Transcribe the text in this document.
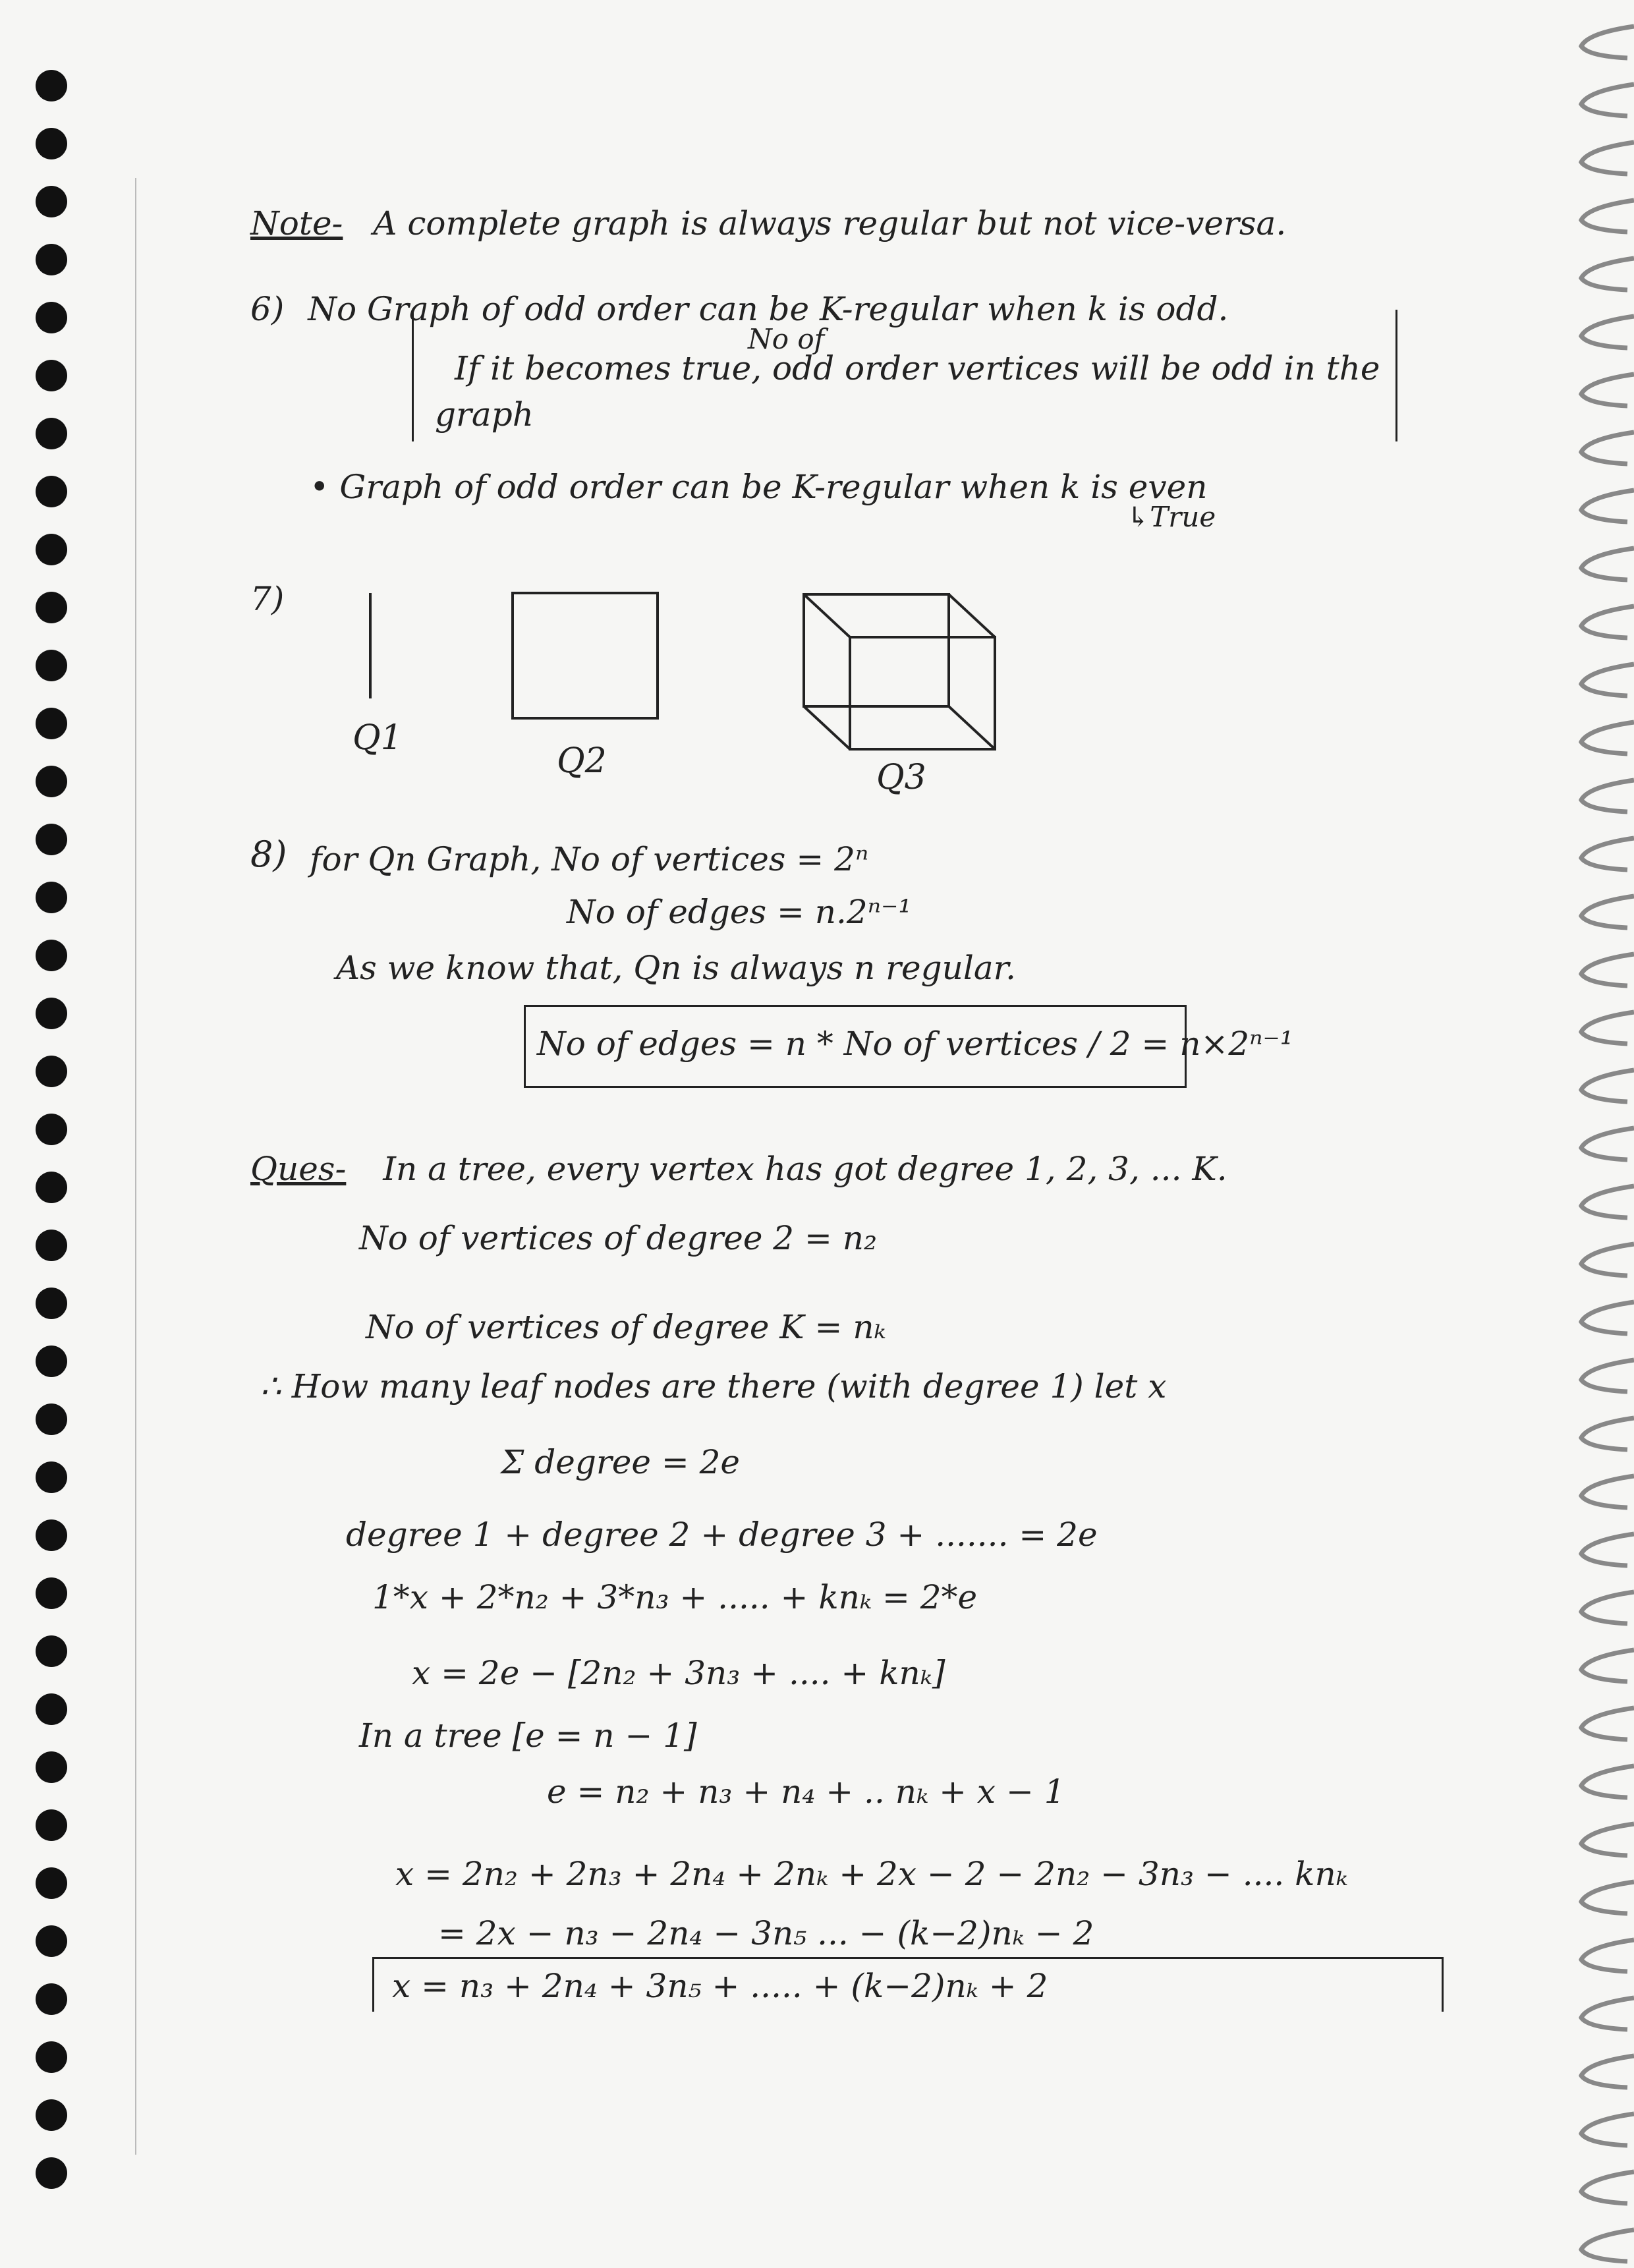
Note- A complete graph is always regular but not vice-versa.
6) No Graph of odd order can be K-regular when k is odd.
No of
If it becomes true, odd order vertices will be odd in the
graph
• Graph of odd order can be K-regular when k is even
↳True
7)
Q1
Q2	Q3
8) for Qn Graph, No of vertices = 2ⁿ
No of edges = n.2ⁿ⁻¹
As we know that, Qn is always n regular.
No of edges = n * No of vertices / 2 = n×2ⁿ⁻¹
Ques- In a tree, every vertex has got degree 1, 2, 3, ... K.
No of vertices of degree 2 = n₂
No of vertices of degree K = nₖ
∴ How many leaf nodes are there (with degree 1) let x
Σ degree = 2e
degree 1 + degree 2 + degree 3 + ....... = 2e
1*x + 2*n₂ + 3*n₃ + ..... + knₖ = 2*e
x = 2e − [2n₂ + 3n₃ + .... + knₖ]
In a tree [e = n − 1]
e = n₂ + n₃ + n₄ + .. nₖ + x − 1
x = 2n₂ + 2n₃ + 2n₄ + 2nₖ + 2x − 2 − 2n₂ − 3n₃ − .... knₖ
= 2x − n₃ − 2n₄ − 3n₅ ... − (k−2)nₖ − 2
x = n₃ + 2n₄ + 3n₅ + ..... + (k−2)nₖ + 2
